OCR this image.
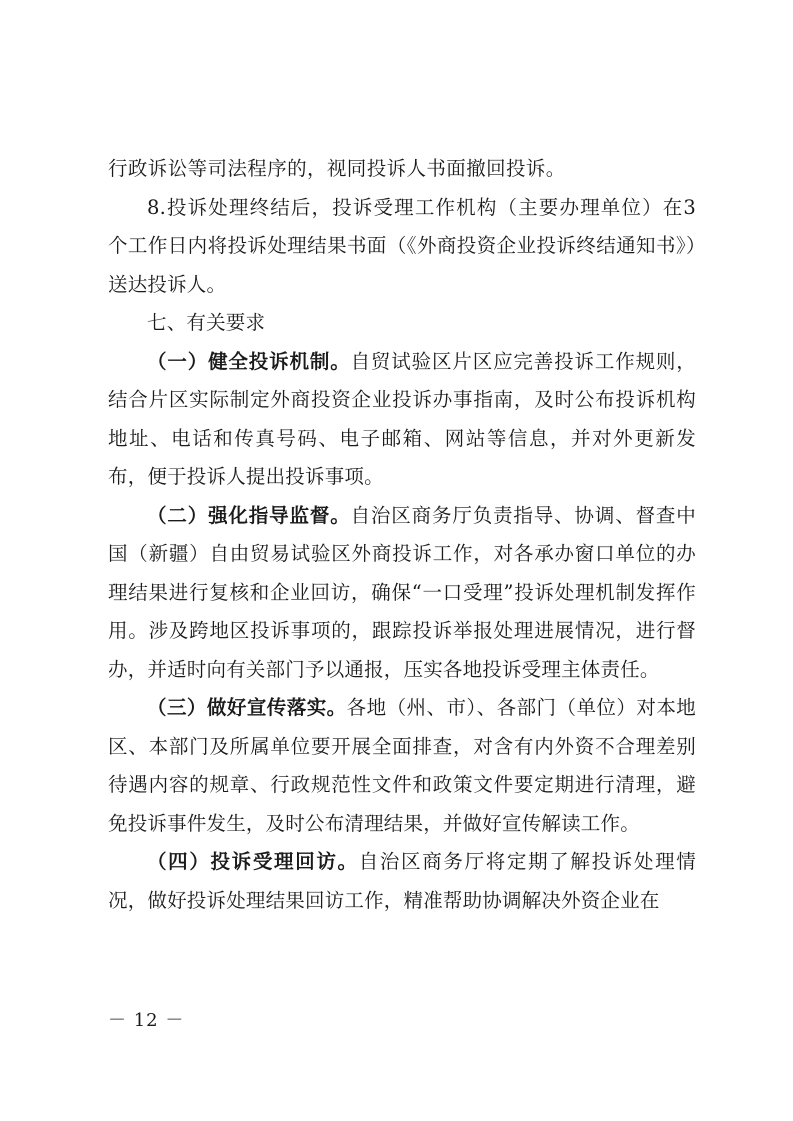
行政诉讼等司法程序的，视同投诉人书面撤回投诉。

8.投诉处理终结后，投诉受理工作机构（主要办理单位）在3 个工作日内将投诉处理结果书面（《外商投资企业投诉终结通知书》）送达投诉人。

七、有关要求

（一）健全投诉机制。自贸试验区片区应完善投诉工作规则，结合片区实际制定外商投资企业投诉办事指南，及时公布投诉机构地址、电话和传真号码、电子邮箱、网站等信息，并对外更新发布，便于投诉人提出投诉事项。

（二）强化指导监督。自治区商务厅负责指导、协调、督查中国（新疆）自由贸易试验区外商投诉工作，对各承办窗口单位的办理结果进行复核和企业回访，确保“一口受理”投诉处理机制发挥作用。涉及跨地区投诉事项的，跟踪投诉举报处理进展情况，进行督办，并适时向有关部门予以通报，压实各地投诉受理主体责任。

（三）做好宣传落实。各地（州、市）、各部门（单位）对本地区、本部门及所属单位要开展全面排查，对含有内外资不合理差别待遇内容的规章、行政规范性文件和政策文件要定期进行清理，避免投诉事件发生，及时公布清理结果，并做好宣传解读工作。

（四）投诉受理回访。自治区商务厅将定期了解投诉处理情况，做好投诉处理结果回访工作，精准帮助协调解决外资企业在

－ 12 －
